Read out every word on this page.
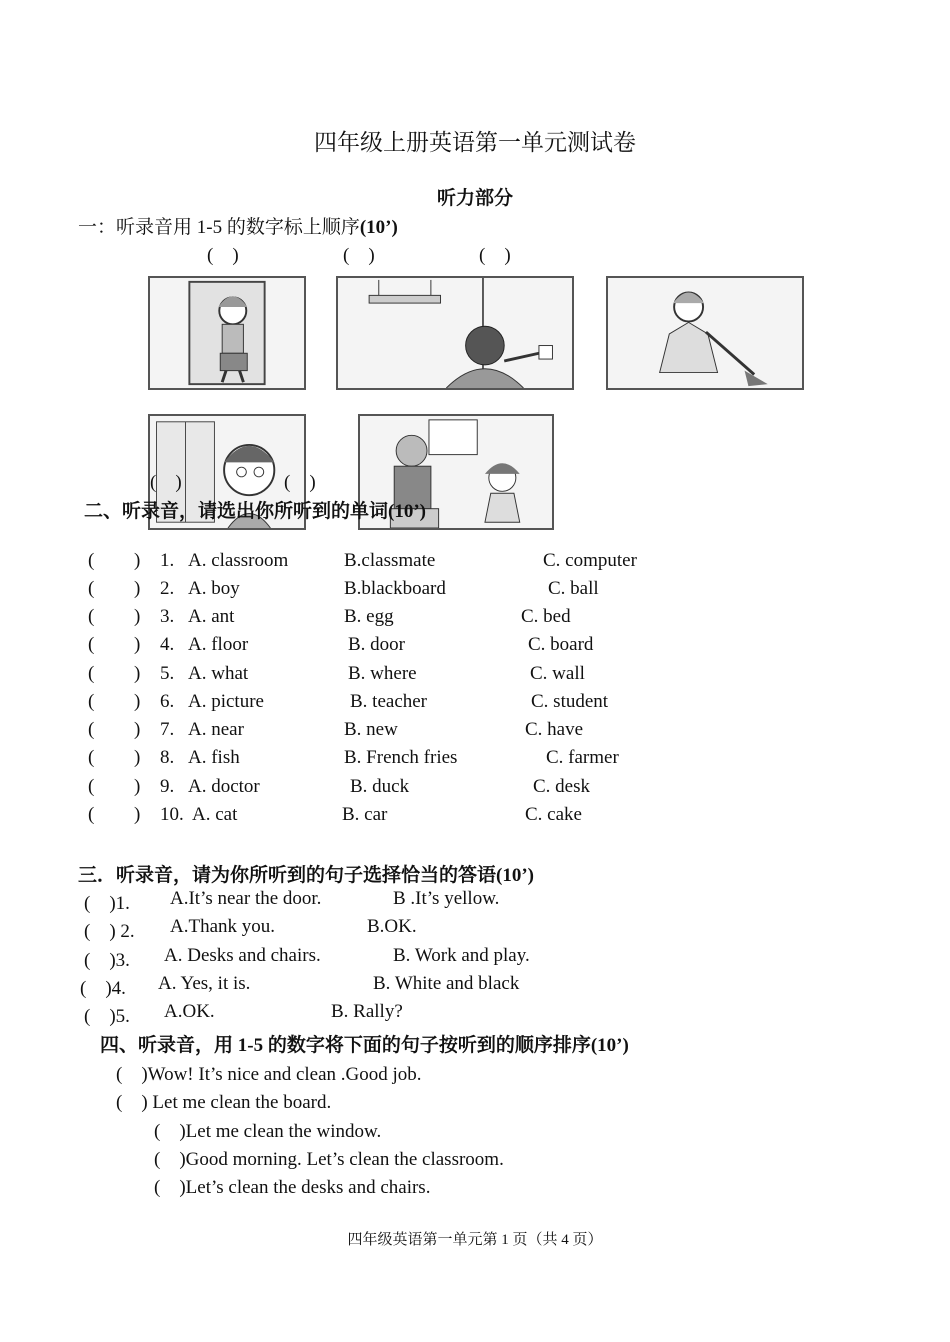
四年级上册英语第一单元测试卷
听力部分
一：听录音用 1-5 的数字标上顺序(10’)
(　)	(　)	(　)
(　)	(　)
二、听录音，请选出你所听到的单词(10’)
( ) 1. A. classroom	B.classmate	C. computer
( ) 2. A. boy	B.blackboard	C. ball
( ) 3. A. ant	B. egg	C. bed
( ) 4. A. floor	B. door	C. board
( ) 5. A. what	B. where	C. wall
( ) 6. A. picture	B. teacher	C. student
( ) 7. A. near	B. new	C. have
( ) 8. A. fish	B. French fries	C. farmer
( ) 9. A. doctor	B. duck	C. desk
( ) 10. A. cat	B. car	C. cake
三．听录音，请为你所听到的句子选择恰当的答语(10’)
(　)1. A.It’s near the door.	B .It’s yellow.
(　) 2. A.Thank you.	B.OK.
(　)3. A. Desks and chairs.	B. Work and play.
(　)4. A. Yes, it is.	B. White and black
(　)5. A.OK.	B. Rally?
四、听录音，用 1-5 的数字将下面的句子按听到的顺序排序(10’)
(　)Wow! It’s nice and clean .Good job.
(　) Let me clean the board.
(　)Let me clean the window.
(　)Good morning. Let’s clean the classroom.
(　)Let’s clean the desks and chairs.
四年级英语第一单元第 1 页（共 4 页）
